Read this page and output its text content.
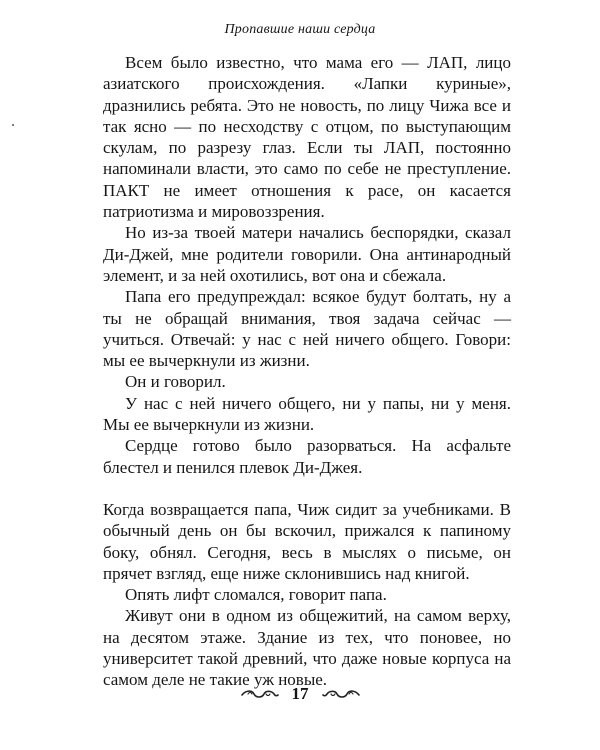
Пропавшие наши сердца

Всем было известно, что мама его — ЛАП, лицо азиатского происхождения. «Лапки куриные», дразнились ребята. Это не новость, по лицу Чижа все и так ясно — по несходству с отцом, по выступающим скулам, по разрезу глаз. Если ты ЛАП, постоянно напоминали власти, это само по себе не преступление. ПАКТ не имеет отношения к расе, он касается патриотизма и мировоззрения.

Но из-за твоей матери начались беспорядки, сказал Ди-Джей, мне родители говорили. Она антинародный элемент, и за ней охотились, вот она и сбежала.

Папа его предупреждал: всякое будут болтать, ну а ты не обращай внимания, твоя задача сейчас — учиться. Отвечай: у нас с ней ничего общего. Говори: мы ее вычеркнули из жизни.

Он и говорил.

У нас с ней ничего общего, ни у папы, ни у меня. Мы ее вычеркнули из жизни.

Сердце готово было разорваться. На асфальте блестел и пенился плевок Ди-Джея.

Когда возвращается папа, Чиж сидит за учебниками. В обычный день он бы вскочил, прижался к папиному боку, обнял. Сегодня, весь в мыслях о письме, он прячет взгляд, еще ниже склонившись над книгой.

Опять лифт сломался, говорит папа.

Живут они в одном из общежитий, на самом верху, на десятом этаже. Здание из тех, что поновее, но университет такой древний, что даже новые корпуса на самом деле не такие уж новые.

17
